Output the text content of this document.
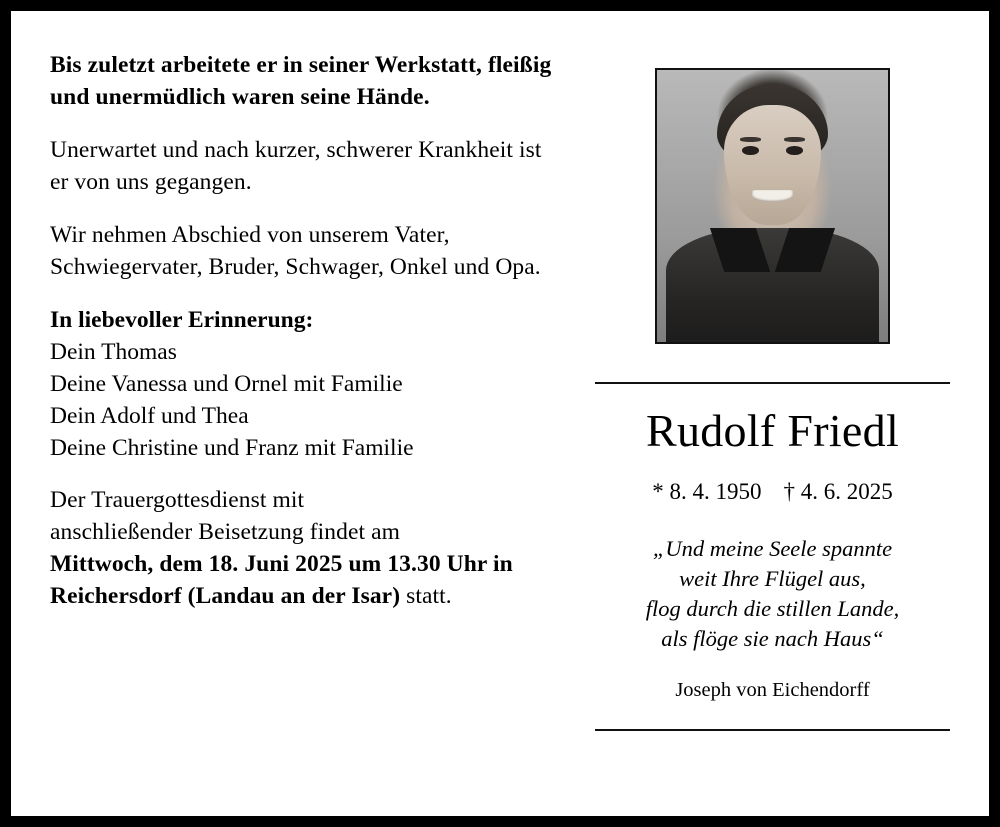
Bis zuletzt arbeitete er in seiner Werkstatt, fleißig und unermüdlich waren seine Hände.

Unerwartet und nach kurzer, schwerer Krankheit ist er von uns gegangen.

Wir nehmen Abschied von unserem Vater, Schwiegervater, Bruder, Schwager, Onkel und Opa.

In liebevoller Erinnerung:
Dein Thomas
Deine Vanessa und Ornel mit Familie
Dein Adolf und Thea
Deine Christine und Franz mit Familie

Der Trauergottesdienst mit
anschließender Beisetzung findet am
Mittwoch, dem 18. Juni 2025 um 13.30 Uhr in Reichersdorf (Landau an der Isar) statt.

Rudolf Friedl
* 8. 4. 1950 † 4. 6. 2025
„Und meine Seele spannte
weit Ihre Flügel aus,
flog durch die stillen Lande,
als flöge sie nach Haus“
Joseph von Eichendorff
